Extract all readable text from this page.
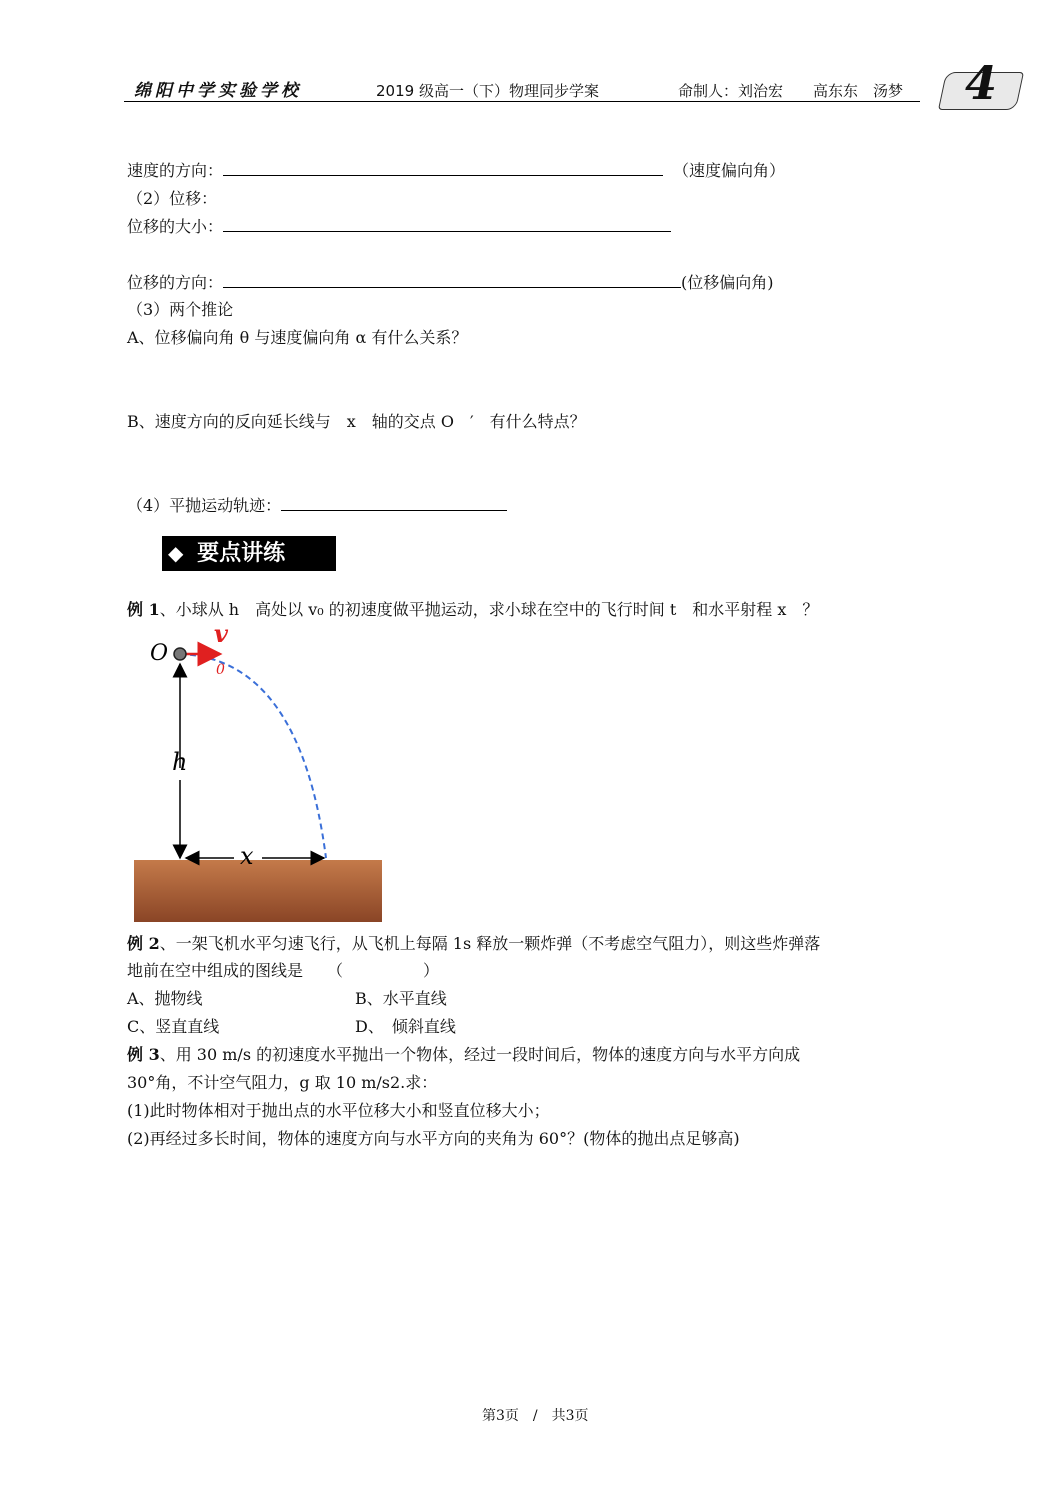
绵阳中学实验学校	2019 级高一（下）物理同步学案	命制人：刘治宏　　高东东　汤梦 4
速度的方向：	（速度偏向角）
（2）位移：
位移的大小：
位移的方向：	(位移偏向角)
（3）两个推论
A、位移偏向角 θ 与速度偏向角 α 有什么关系？
B、速度方向的反向延长线与　x　轴的交点 O　′　有什么特点？
（4）平抛运动轨迹：
◆ 要点讲练
例 1、小球从 h　高处以 v₀ 的初速度做平抛运动，求小球在空中的飞行时间 t　和水平射程 x　？
O
v
0
h
x
例 2、一架飞机水平匀速飞行，从飞机上每隔 1s 释放一颗炸弹（不考虑空气阻力），则这些炸弹落
地前在空中组成的图线是　　（　　　　　）
A、抛物线	B、水平直线
C、竖直直线	D、　倾斜直线
例 3、用 30 m/s 的初速度水平抛出一个物体，经过一段时间后，物体的速度方向与水平方向成
30°角，不计空气阻力，g 取 10 m/s2.求：
(1)此时物体相对于抛出点的水平位移大小和竖直位移大小；
(2)再经过多长时间，物体的速度方向与水平方向的夹角为 60°？(物体的抛出点足够高)
第3页　/　共3页
